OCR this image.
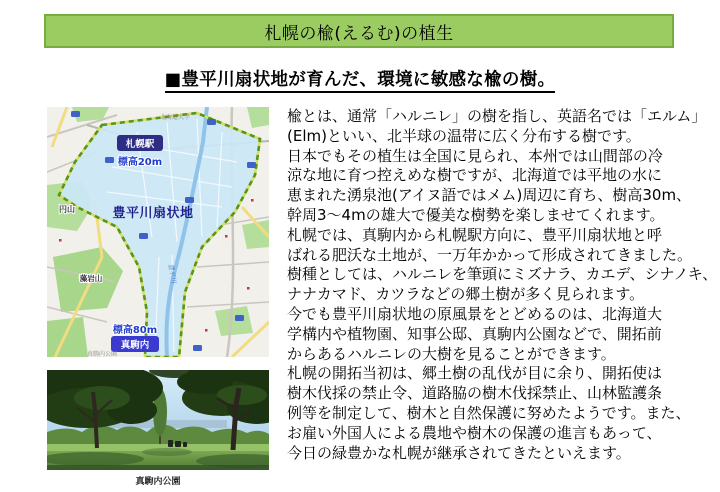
札幌の楡(えるむ)の植生
■豊平川扇状地が育んだ、環境に敏感な楡の樹。
北海道大学
札幌駅
標高20m
豊平川扇状地
円山
藻岩山	豊平川
標高80m
真駒内
真駒内公園
真駒内公園
楡とは、通常「ハルニレ」の樹を指し、英語名では「エルム」
(Elm)といい、北半球の温帯に広く分布する樹です。
日本でもその植生は全国に見られ、本州では山間部の冷
涼な地に育つ控えめな樹ですが、北海道では平地の水に
恵まれた湧泉池(アイヌ語ではメム)周辺に育ち、樹高30m、
幹周3〜4mの雄大で優美な樹勢を楽しませてくれます。
札幌では、真駒内から札幌駅方向に、豊平川扇状地と呼
ばれる肥沃な土地が、一万年かかって形成されてきました。
樹種としては、ハルニレを筆頭にミズナラ、カエデ、シナノキ、
ナナカマド、カツラなどの郷土樹が多く見られます。
今でも豊平川扇状地の原風景をとどめるのは、北海道大
学構内や植物園、知事公邸、真駒内公園などで、開拓前
からあるハルニレの大樹を見ることができます。
札幌の開拓当初は、郷土樹の乱伐が目に余り、開拓使は
樹木伐採の禁止令、道路脇の樹木伐採禁止、山林監護条
例等を制定して、樹木と自然保護に努めたようです。また、
お雇い外国人による農地や樹木の保護の進言もあって、
今日の緑豊かな札幌が継承されてきたといえます。
